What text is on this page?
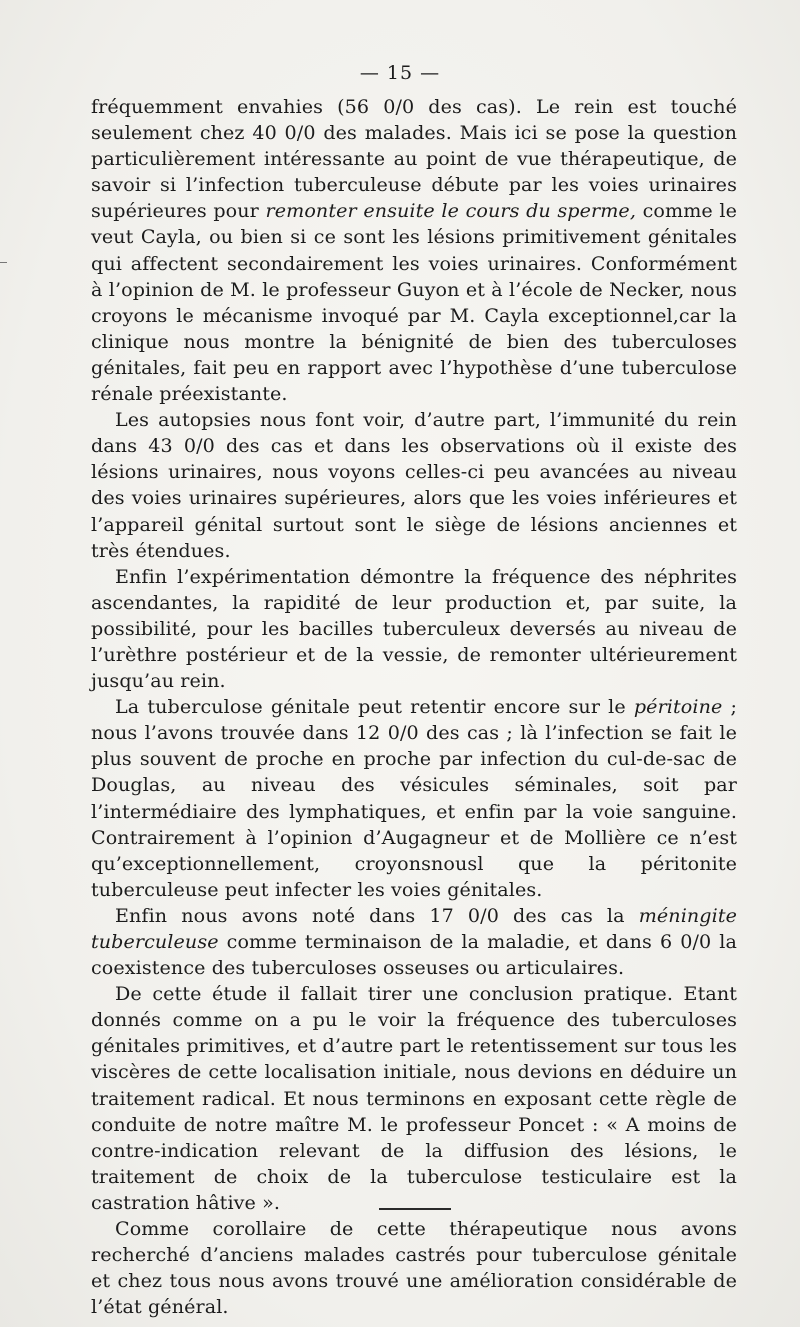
— 15 —

fréquemment envahies (56 0/0 des cas). Le rein est touché seulement chez 40 0/0 des malades. Mais ici se pose la question particulièrement intéressante au point de vue thérapeutique, de savoir si l’infection tuberculeuse débute par les voies urinaires supérieures pour remonter ensuite le cours du sperme, comme le veut Cayla, ou bien si ce sont les lésions primitivement génitales qui affectent secondairement les voies urinaires. Conformément à l’opinion de M. le professeur Guyon et à l’école de Necker, nous croyons le mécanisme invoqué par M. Cayla exceptionnel,car la clinique nous montre la bénignité de bien des tuberculoses génitales, fait peu en rapport avec l’hypothèse d’une tuberculose rénale préexistante.

Les autopsies nous font voir, d’autre part, l’immunité du rein dans 43 0/0 des cas et dans les observations où il existe des lésions urinaires, nous voyons celles-ci peu avancées au niveau des voies urinaires supérieures, alors que les voies inférieures et l’appareil génital surtout sont le siège de lésions anciennes et très étendues.

Enfin l’expérimentation démontre la fréquence des néphrites ascendantes, la rapidité de leur production et, par suite, la possibilité, pour les bacilles tuberculeux deversés au niveau de l’urèthre postérieur et de la vessie, de remonter ultérieurement jusqu’au rein.

La tuberculose génitale peut retentir encore sur le péritoine ; nous l’avons trouvée dans 12 0/0 des cas ; là l’infection se fait le plus souvent de proche en proche par infection du cul-de-sac de Douglas, au niveau des vésicules séminales, soit par l’intermédiaire des lymphatiques, et enfin par la voie sanguine. Contrairement à l’opinion d’Augagneur et de Mollière ce n’est qu’exceptionnellement, croyonsnousl que la péritonite tuberculeuse peut infecter les voies génitales.

Enfin nous avons noté dans 17 0/0 des cas la méningite tuberculeuse comme terminaison de la maladie, et dans 6 0/0 la coexistence des tuberculoses osseuses ou articulaires.

De cette étude il fallait tirer une conclusion pratique. Etant donnés comme on a pu le voir la fréquence des tuberculoses génitales primitives, et d’autre part le retentissement sur tous les viscères de cette localisation initiale, nous devions en déduire un traitement radical. Et nous terminons en exposant cette règle de conduite de notre maître M. le professeur Poncet : « A moins de contre-indication relevant de la diffusion des lésions, le traitement de choix de la tuberculose testiculaire est la castration hâtive ».

Comme corollaire de cette thérapeutique nous avons recherché d’anciens malades castrés pour tuberculose génitale et chez tous nous avons trouvé une amélioration considérable de l’état général.
